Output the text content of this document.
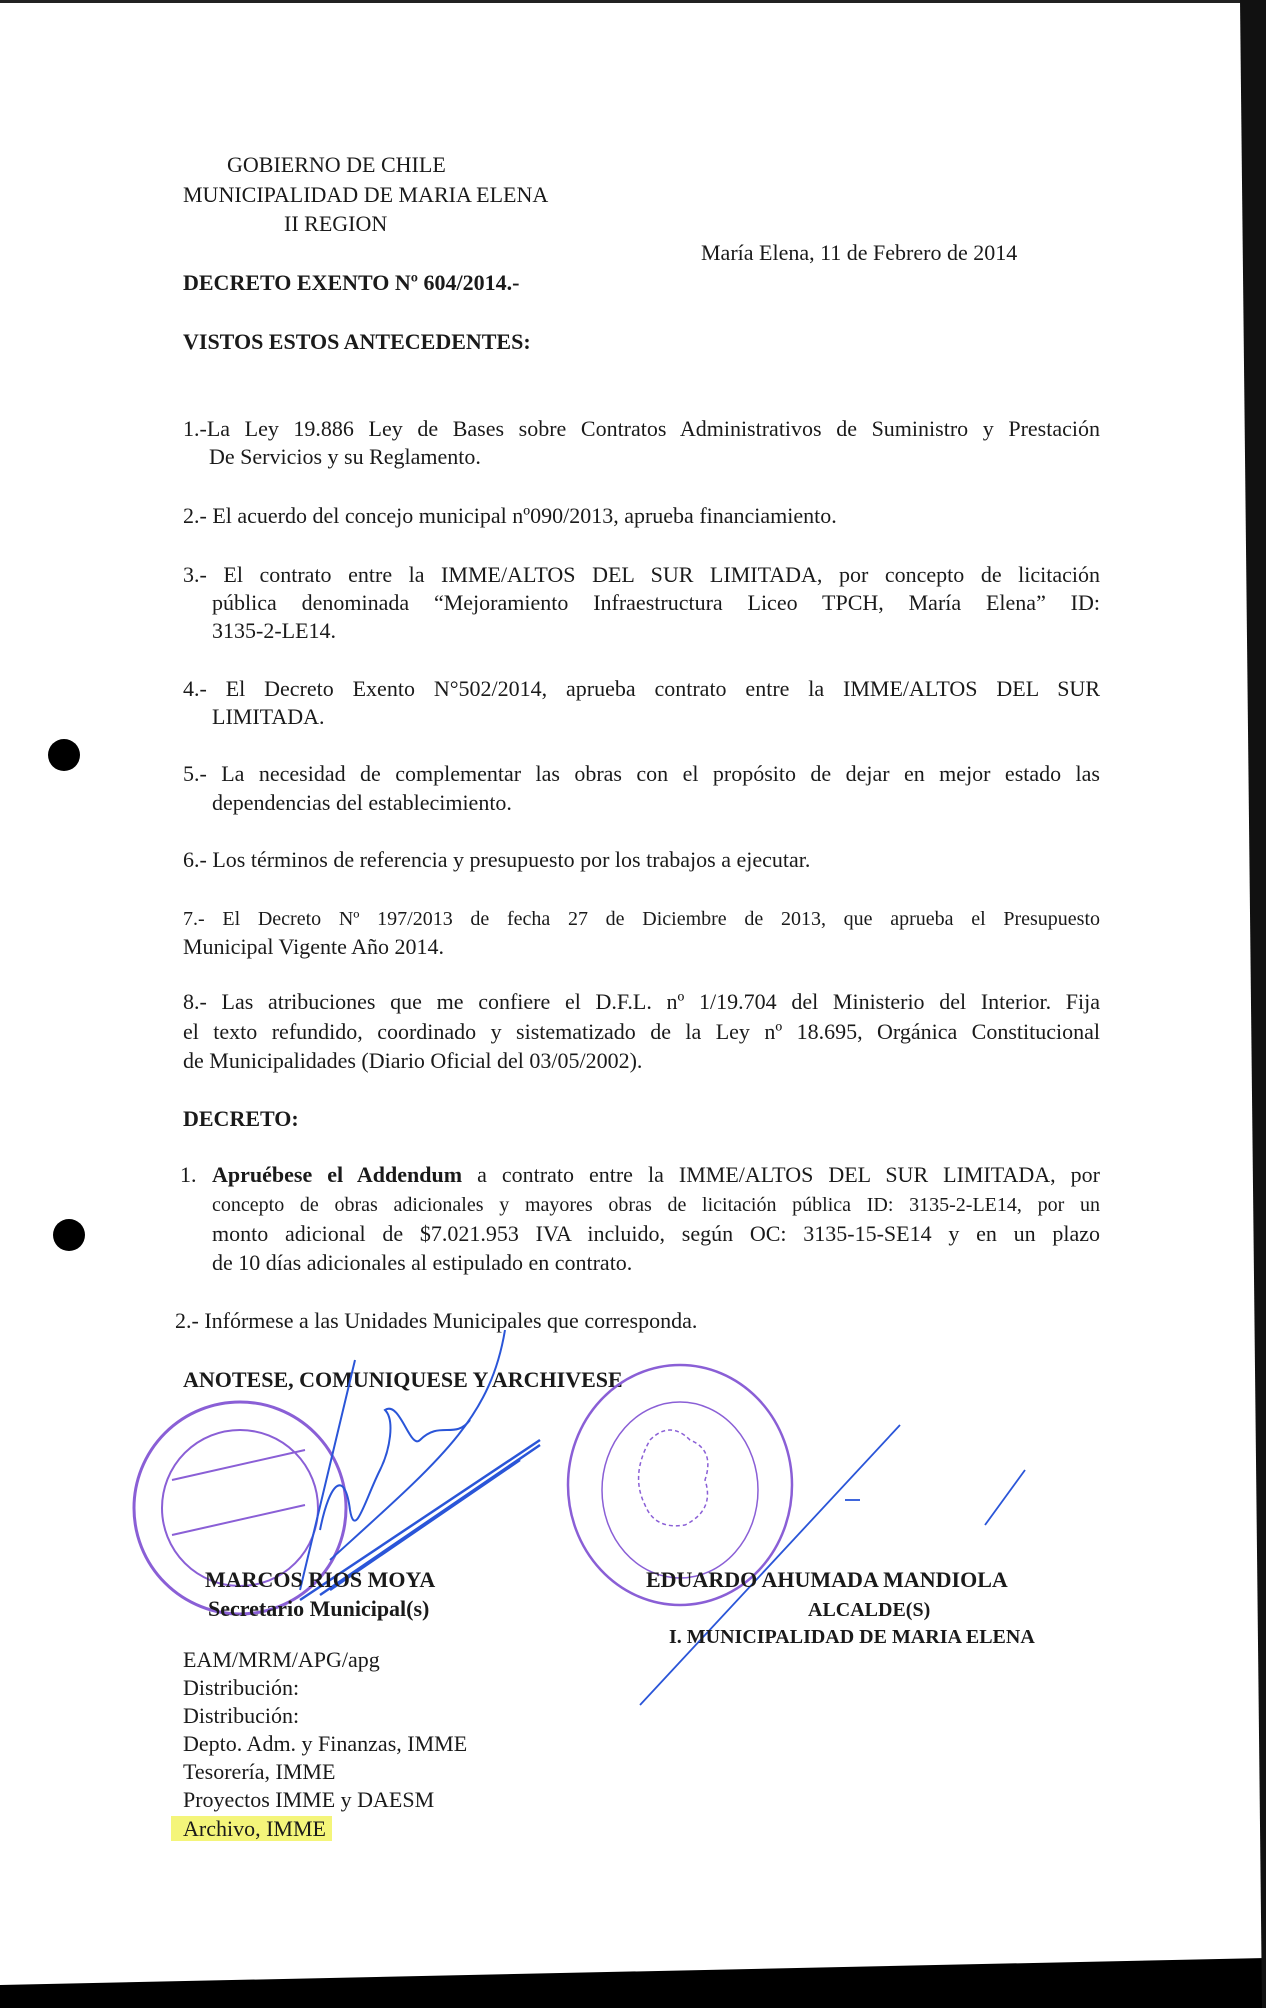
GOBIERNO DE CHILE
MUNICIPALIDAD DE MARIA ELENA
II REGION
María Elena, 11 de Febrero de 2014
DECRETO EXENTO Nº 604/2014.-
VISTOS ESTOS ANTECEDENTES:
1.-La Ley 19.886 Ley de Bases sobre Contratos Administrativos de Suministro y Prestación
De Servicios y su Reglamento.
2.- El acuerdo del concejo municipal nº090/2013, aprueba financiamiento.
3.- El contrato entre la IMME/ALTOS DEL SUR LIMITADA, por concepto de licitación
pública denominada “Mejoramiento Infraestructura Liceo TPCH, María Elena” ID:
3135-2-LE14.
4.- El Decreto Exento N°502/2014, aprueba contrato entre la IMME/ALTOS DEL SUR
LIMITADA.
5.- La necesidad de complementar las obras con el propósito de dejar en mejor estado las
dependencias del establecimiento.
6.- Los términos de referencia y presupuesto por los trabajos a ejecutar.
7.- El Decreto Nº 197/2013 de fecha 27 de Diciembre de 2013, que aprueba el Presupuesto
Municipal Vigente Año 2014.
8.- Las atribuciones que me confiere el D.F.L. nº 1/19.704 del Ministerio del Interior. Fija
el texto refundido, coordinado y sistematizado de la Ley nº 18.695, Orgánica Constitucional
de Municipalidades (Diario Oficial del 03/05/2002).
DECRETO:
1. Apruébese el Addendum a contrato entre la IMME/ALTOS DEL SUR LIMITADA, por
concepto de obras adicionales y mayores obras de licitación pública ID: 3135-2-LE14, por un
monto adicional de $7.021.953 IVA incluido, según OC: 3135-15-SE14 y en un plazo
de 10 días adicionales al estipulado en contrato.
2.- Infórmese a las Unidades Municipales que corresponda.
ANOTESE, COMUNIQUESE Y ARCHIVESE
MARCOS RIOS MOYA
Secretario Municipal(s)
EDUARDO AHUMADA MANDIOLA
ALCALDE(S)
I. MUNICIPALIDAD DE MARIA ELENA
EAM/MRM/APG/apg
Distribución:
Distribución:
Depto. Adm. y Finanzas, IMME
Tesorería, IMME
Proyectos IMME y DAESM
Archivo, IMME
